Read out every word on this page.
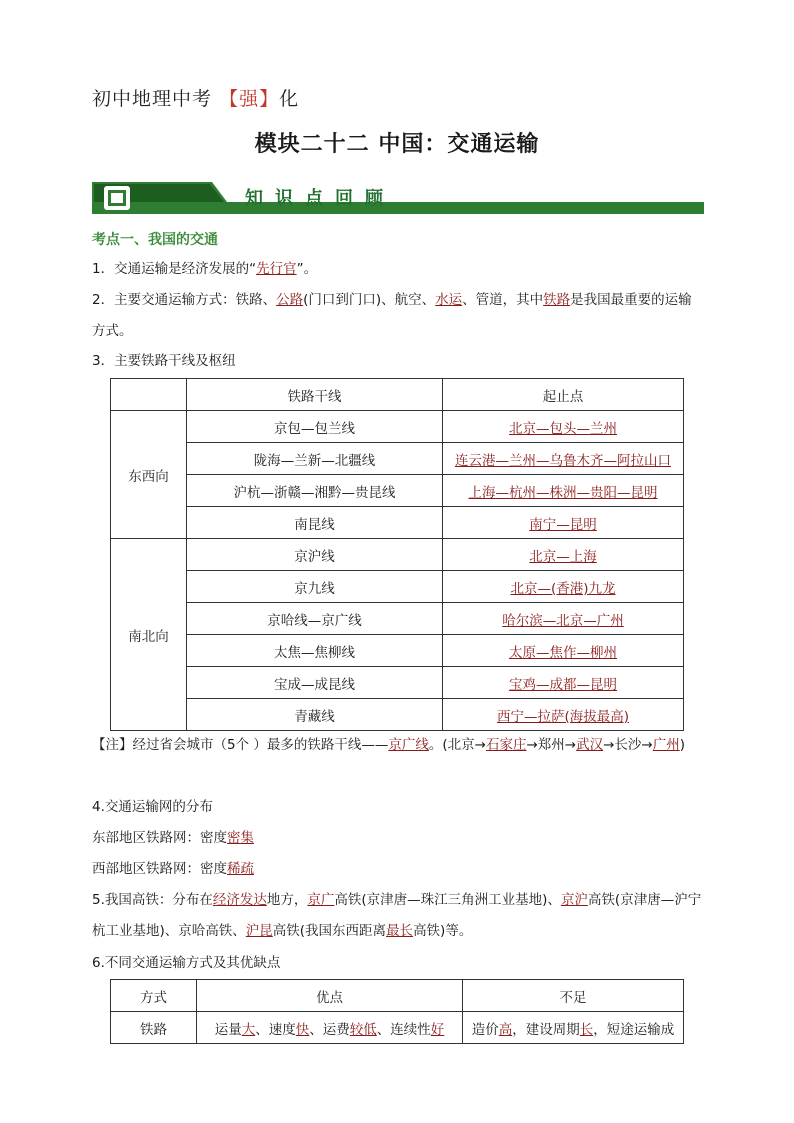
初中地理中考 【强】化
模块二十二 中国：交通运输
知识点回顾
考点一、我国的交通
1．交通运输是经济发展的“先行官”。
2．主要交通运输方式：铁路、公路(门口到门口)、航空、水运、管道，其中铁路是我国最重要的运输方式。
3．主要铁路干线及枢纽
	铁路干线	起止点
东西向	京包—包兰线	北京—包头—兰州
	陇海—兰新—北疆线	连云港—兰州—乌鲁木齐—阿拉山口
	沪杭—浙赣—湘黔—贵昆线	上海—杭州—株洲—贵阳—昆明
	南昆线	南宁—昆明
南北向	京沪线	北京—上海
	京九线	北京—(香港)九龙
	京哈线—京广线	哈尔滨—北京—广州
	太焦—焦柳线	太原—焦作—柳州
	宝成—成昆线	宝鸡—成都—昆明
	青藏线	西宁—拉萨(海拔最高)
【注】经过省会城市（5个 ）最多的铁路干线——京广线。(北京→石家庄→郑州→武汉→长沙→广州)
4.交通运输网的分布
东部地区铁路网：密度密集
西部地区铁路网：密度稀疏
5.我国高铁：分布在经济发达地方，京广高铁(京津唐—珠江三角洲工业基地)、京沪高铁(京津唐—沪宁杭工业基地)、京哈高铁、沪昆高铁(我国东西距离最长高铁)等。
6.不同交通运输方式及其优缺点
方式	优点	不足
铁路	运量大、速度快、运费较低、连续性好	造价高，建设周期长，短途运输成
